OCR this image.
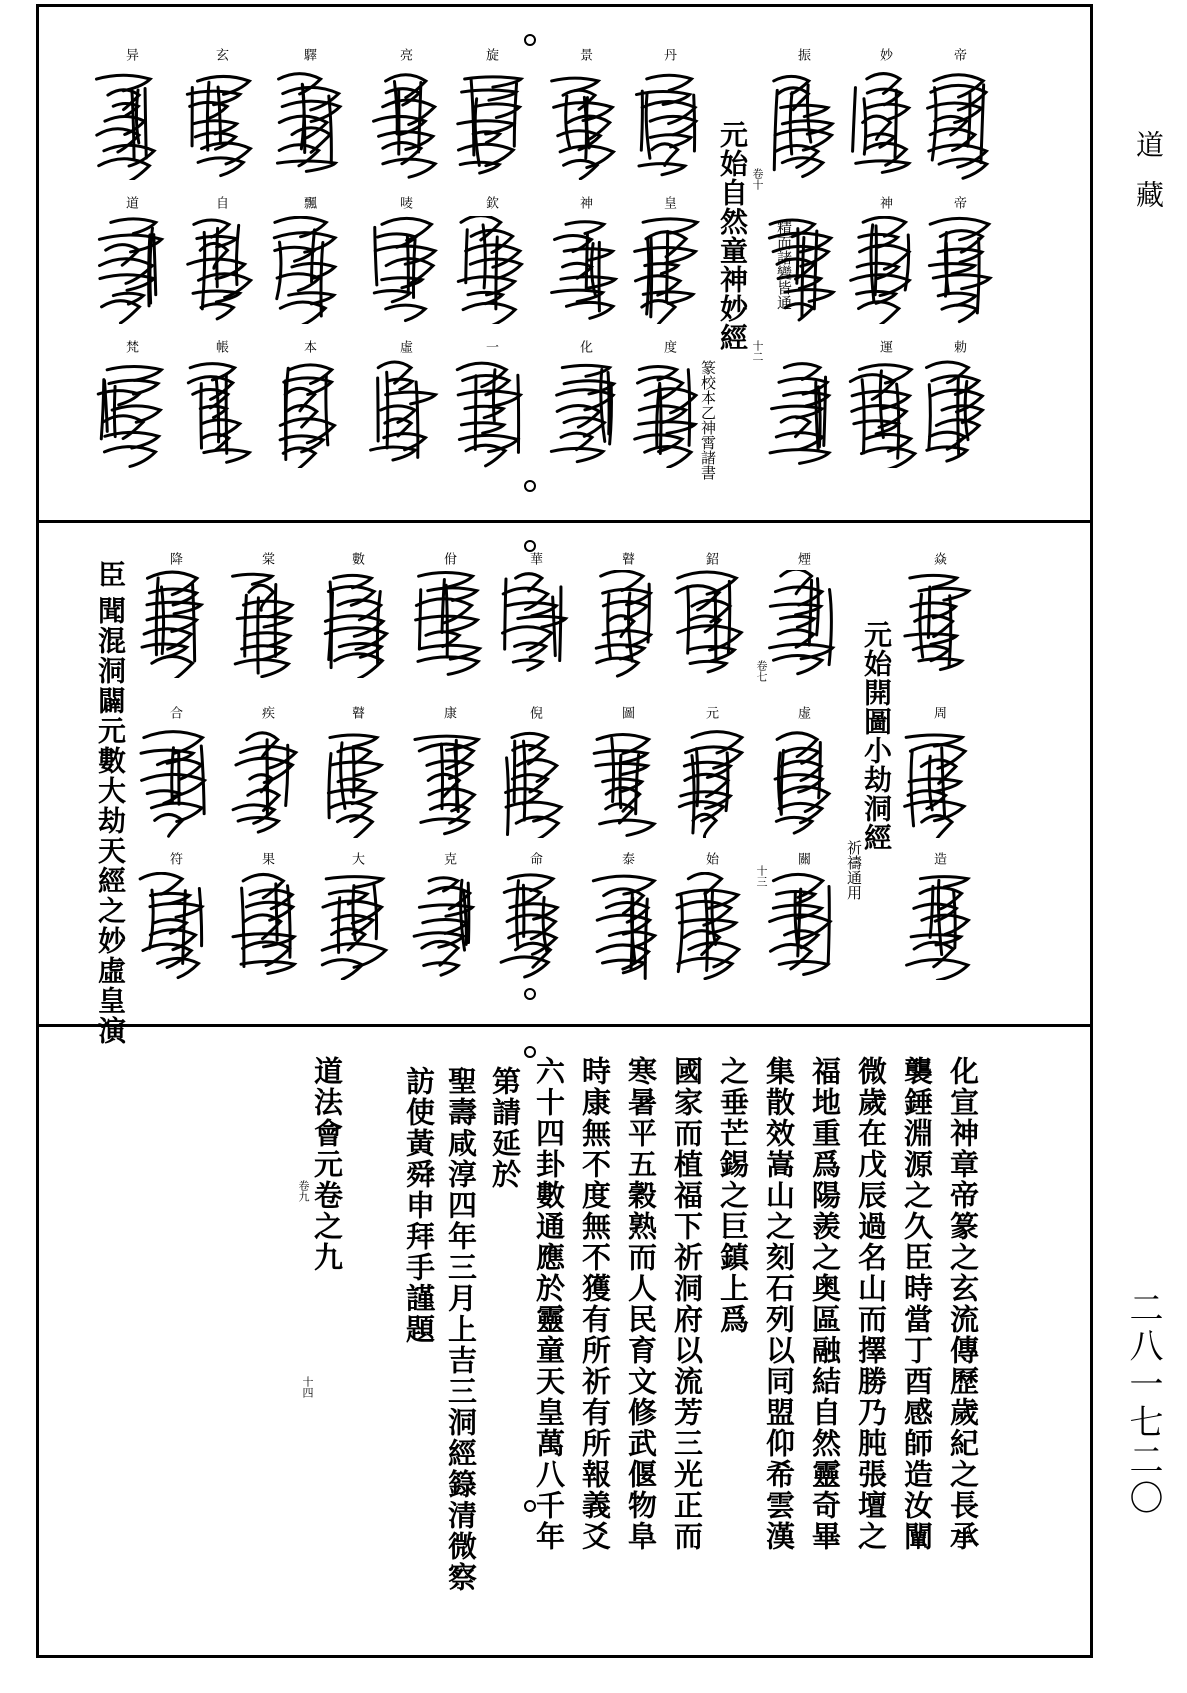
道藏
二八一七二〇
帝
帝
勅
妙
神
運
振
丹
皇
度
景
神
化
旋
欽
一
亮
唛
虛
驛
飄
本
玄
自
帳
异
道
梵	元始自然童神妙經
篆校本乙神霄諸書
十二
精而諸變皆通
卷十
焱
周
造
煙
虚
關
鉊
元
始
瞽
圖
泰
華
倪
命
佾
康
克
數
瞽
大
棠
疾
果
降
合
符
元始開圖小劫洞經
祈禱通用
卷七
十三
臣
聞混洞闢元數大劫天經之妙虛皇演
化宣神章帝篆之玄流傳歷歲紀之長承
襲錘淵源之久臣時當丁酉感師造汝闡
微歲在戊辰過名山而擇勝乃肫張壇之
福地重爲陽羨之奥區融結自然靈奇畢
集散效嵩山之刻石列以同盟仰希雲漢
之垂芒錫之巨鎮上爲
國家而植福下祈洞府以流芳三光正而
寒暑平五穀熟而人民育文修武偃物阜
時康無不度無不獲有所祈有所報義爻
六十四卦數通應於靈童天皇萬八千年
第請延於
聖壽咸淳四年三月上吉三洞經籙清微察
訪使黃舜申拜手謹題
道法會元卷之九
卷九
十四
